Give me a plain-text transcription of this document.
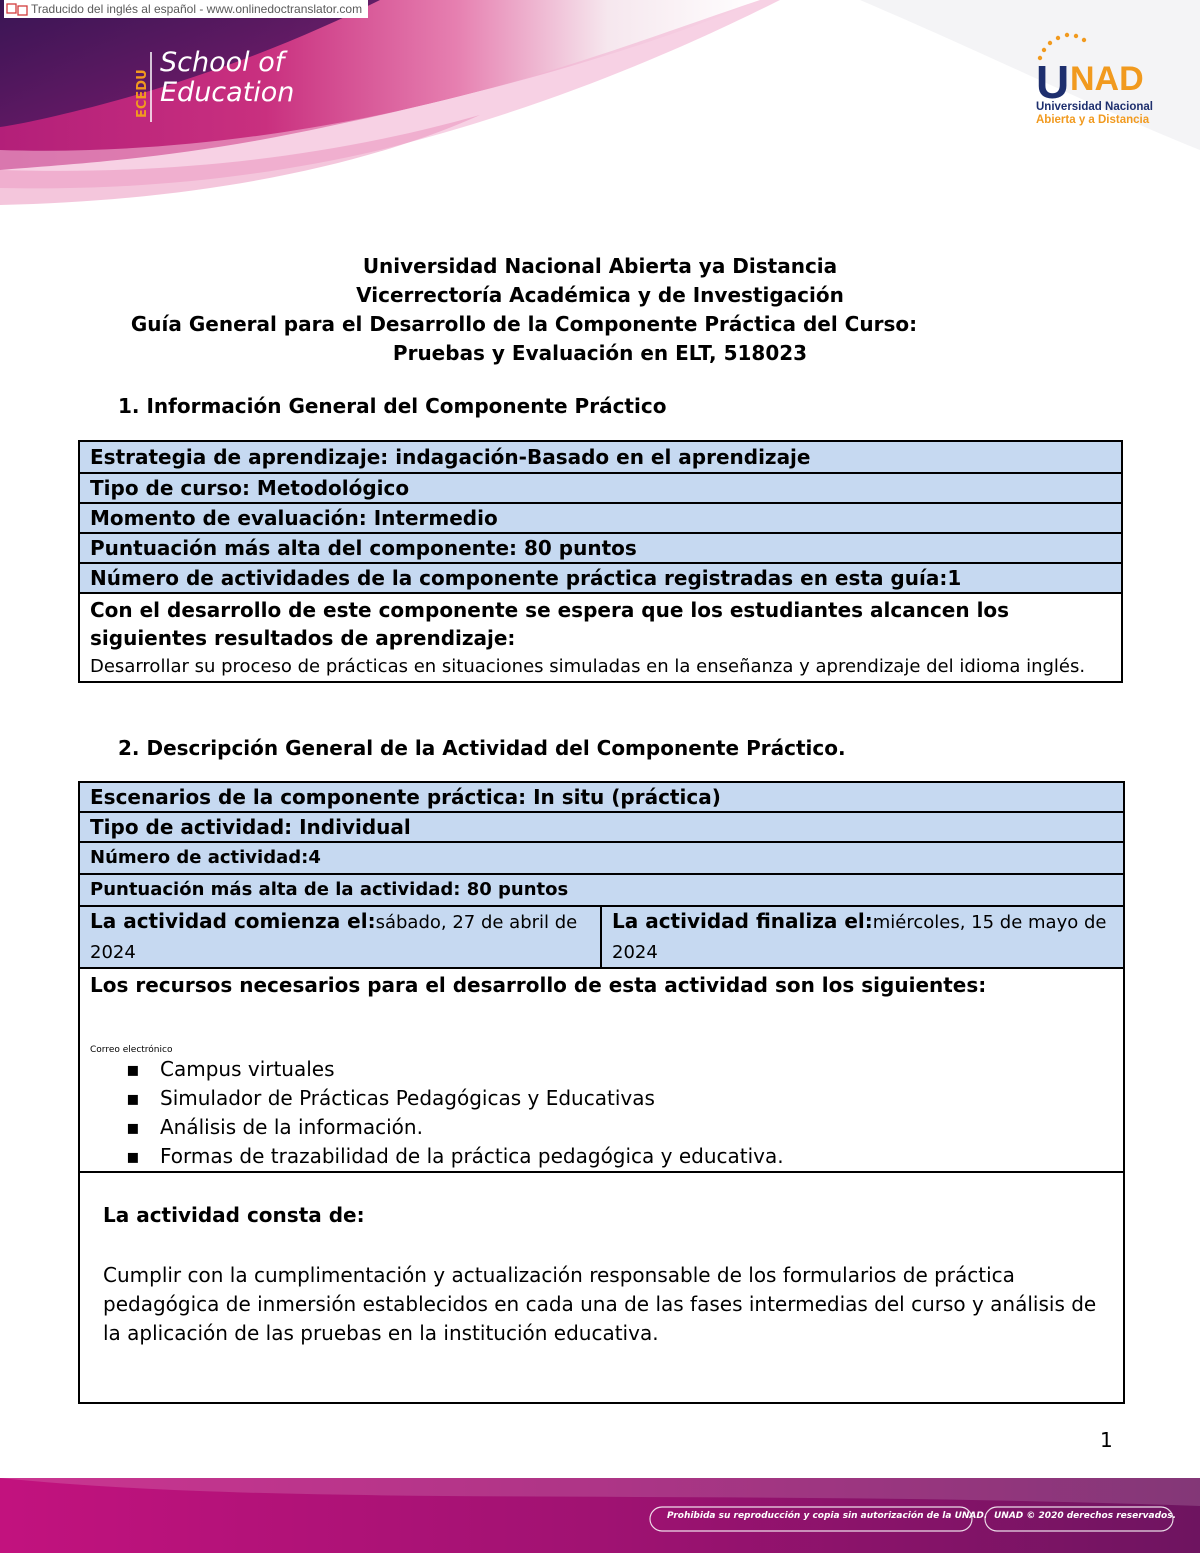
Traducido del inglés al español - www.onlinedoctranslator.com
ECEDU
School of
Education	U NAD
Universidad Nacional
Abierta y a Distancia
Universidad Nacional Abierta ya Distancia
Vicerrectoría Académica y de Investigación
Guía General para el Desarrollo de la Componente Práctica del Curso:
Pruebas y Evaluación en ELT, 518023
1. Información General del Componente Práctico
Estrategia de aprendizaje: indagación-Basado en el aprendizaje
Tipo de curso: Metodológico
Momento de evaluación: Intermedio
Puntuación más alta del componente: 80 puntos
Número de actividades de la componente práctica registradas en esta guía:1

Con el desarrollo de este componente se espera que los estudiantes alcancen los siguientes resultados de aprendizaje:
Desarrollar su proceso de prácticas en situaciones simuladas en la enseñanza y aprendizaje del idioma inglés.
2. Descripción General de la Actividad del Componente Práctico.
Escenarios de la componente práctica: In situ (práctica)
Tipo de actividad: Individual
Número de actividad:4
Puntuación más alta de la actividad: 80 puntos
La actividad comienza el:sábado, 27 de abril de 2024	La actividad finaliza el:miércoles, 15 de mayo de 2024

Los recursos necesarios para el desarrollo de esta actividad son los siguientes:
Correo electrónico
▪	Campus virtuales
▪	Simulador de Prácticas Pedagógicas y Educativas
▪	Análisis de la información.
▪	Formas de trazabilidad de la práctica pedagógica y educativa.

La actividad consta de:
Cumplir con la cumplimentación y actualización responsable de los formularios de práctica pedagógica de inmersión establecidos en cada una de las fases intermedias del curso y análisis de la aplicación de las pruebas en la institución educativa.
1
Prohibida su reproducción y copia sin autorización de la UNAD. UNAD © 2020 derechos reservados.
